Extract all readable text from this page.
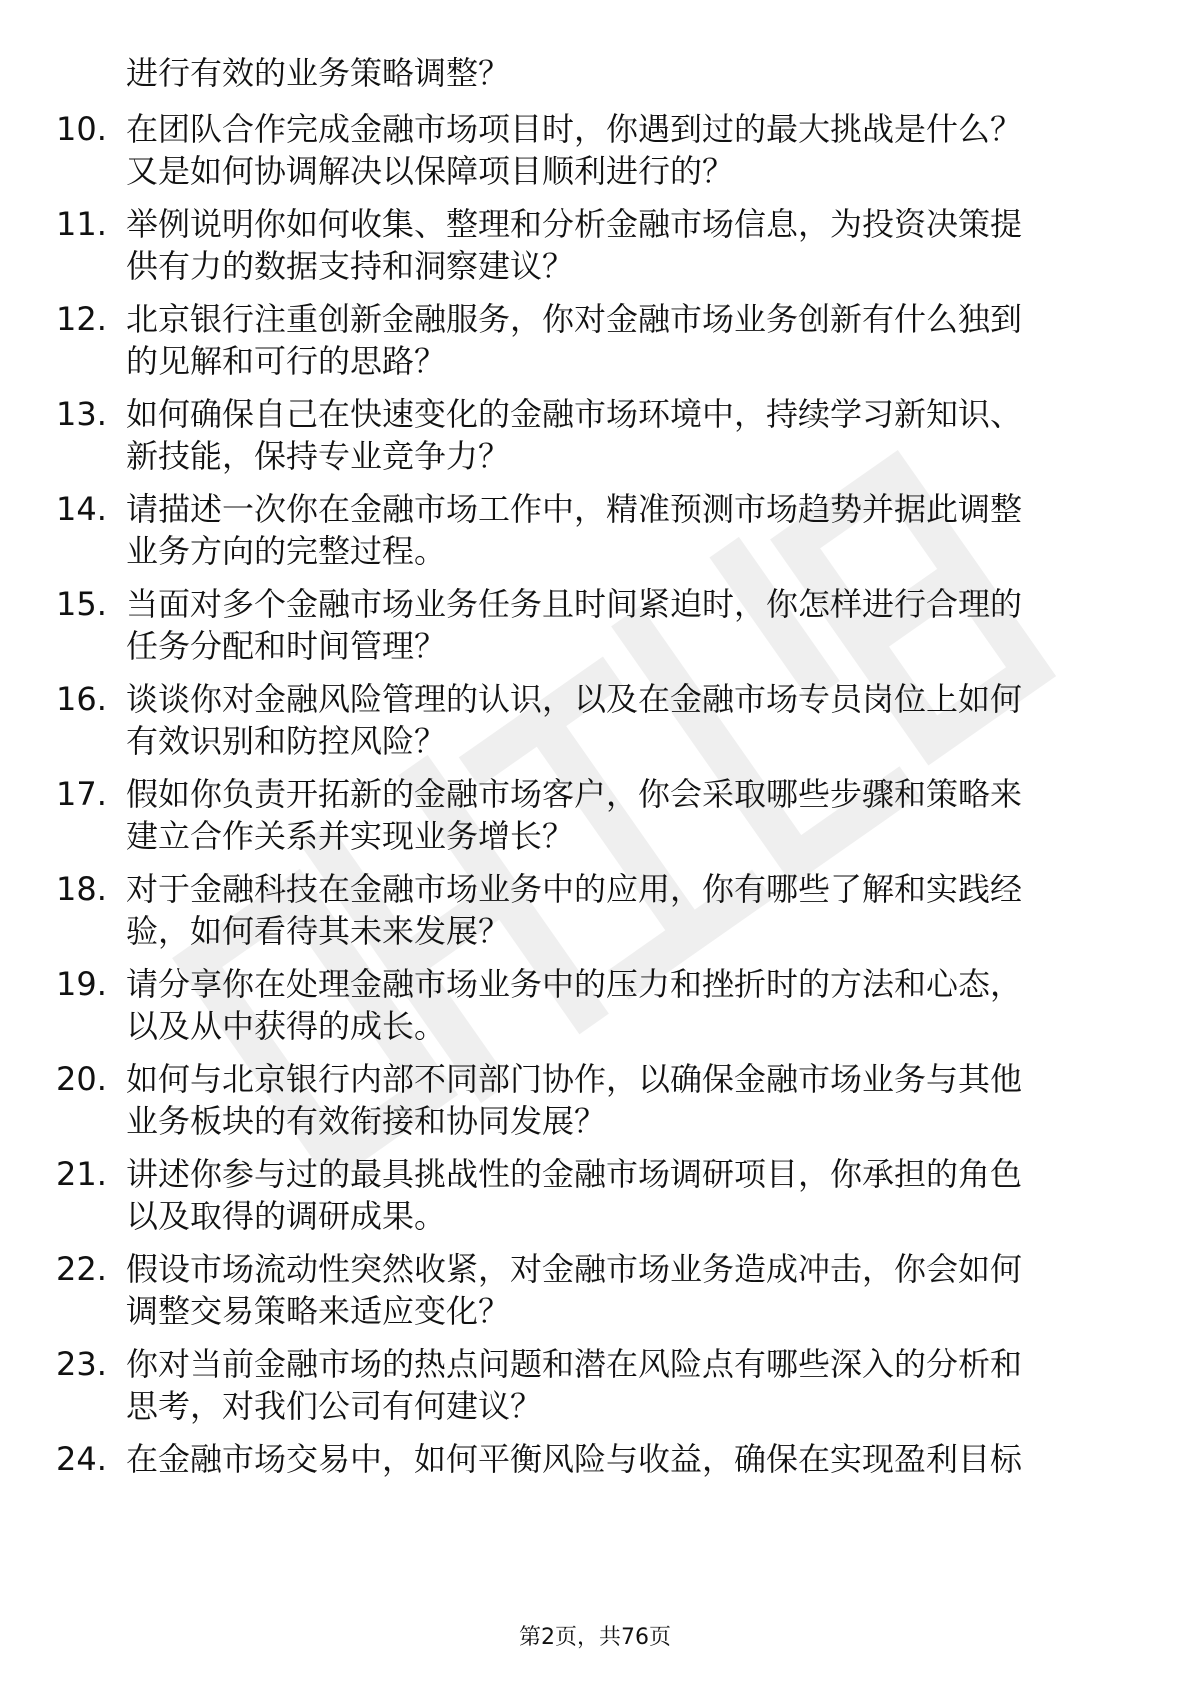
进行有效的业务策略调整？
10. 在团队合作完成金融市场项目时，你遇到过的最大挑战是什么？
又是如何协调解决以保障项目顺利进行的？
11. 举例说明你如何收集、整理和分析金融市场信息，为投资决策提
供有力的数据支持和洞察建议？
12. 北京银行注重创新金融服务，你对金融市场业务创新有什么独到
的见解和可行的思路？
13. 如何确保自己在快速变化的金融市场环境中，持续学习新知识、
新技能，保持专业竞争力？
14. 请描述一次你在金融市场工作中，精准预测市场趋势并据此调整
业务方向的完整过程。
15. 当面对多个金融市场业务任务且时间紧迫时，你怎样进行合理的
任务分配和时间管理？
16. 谈谈你对金融风险管理的认识，以及在金融市场专员岗位上如何
有效识别和防控风险？
17. 假如你负责开拓新的金融市场客户，你会采取哪些步骤和策略来
建立合作关系并实现业务增长？
18. 对于金融科技在金融市场业务中的应用，你有哪些了解和实践经
验，如何看待其未来发展？
19. 请分享你在处理金融市场业务中的压力和挫折时的方法和心态，
以及从中获得的成长。
20. 如何与北京银行内部不同部门协作，以确保金融市场业务与其他
业务板块的有效衔接和协同发展？
21. 讲述你参与过的最具挑战性的金融市场调研项目，你承担的角色
以及取得的调研成果。
22. 假设市场流动性突然收紧，对金融市场业务造成冲击，你会如何
调整交易策略来适应变化？
23. 你对当前金融市场的热点问题和潜在风险点有哪些深入的分析和
思考，对我们公司有何建议？
24. 在金融市场交易中，如何平衡风险与收益，确保在实现盈利目标
第2页，共76页
